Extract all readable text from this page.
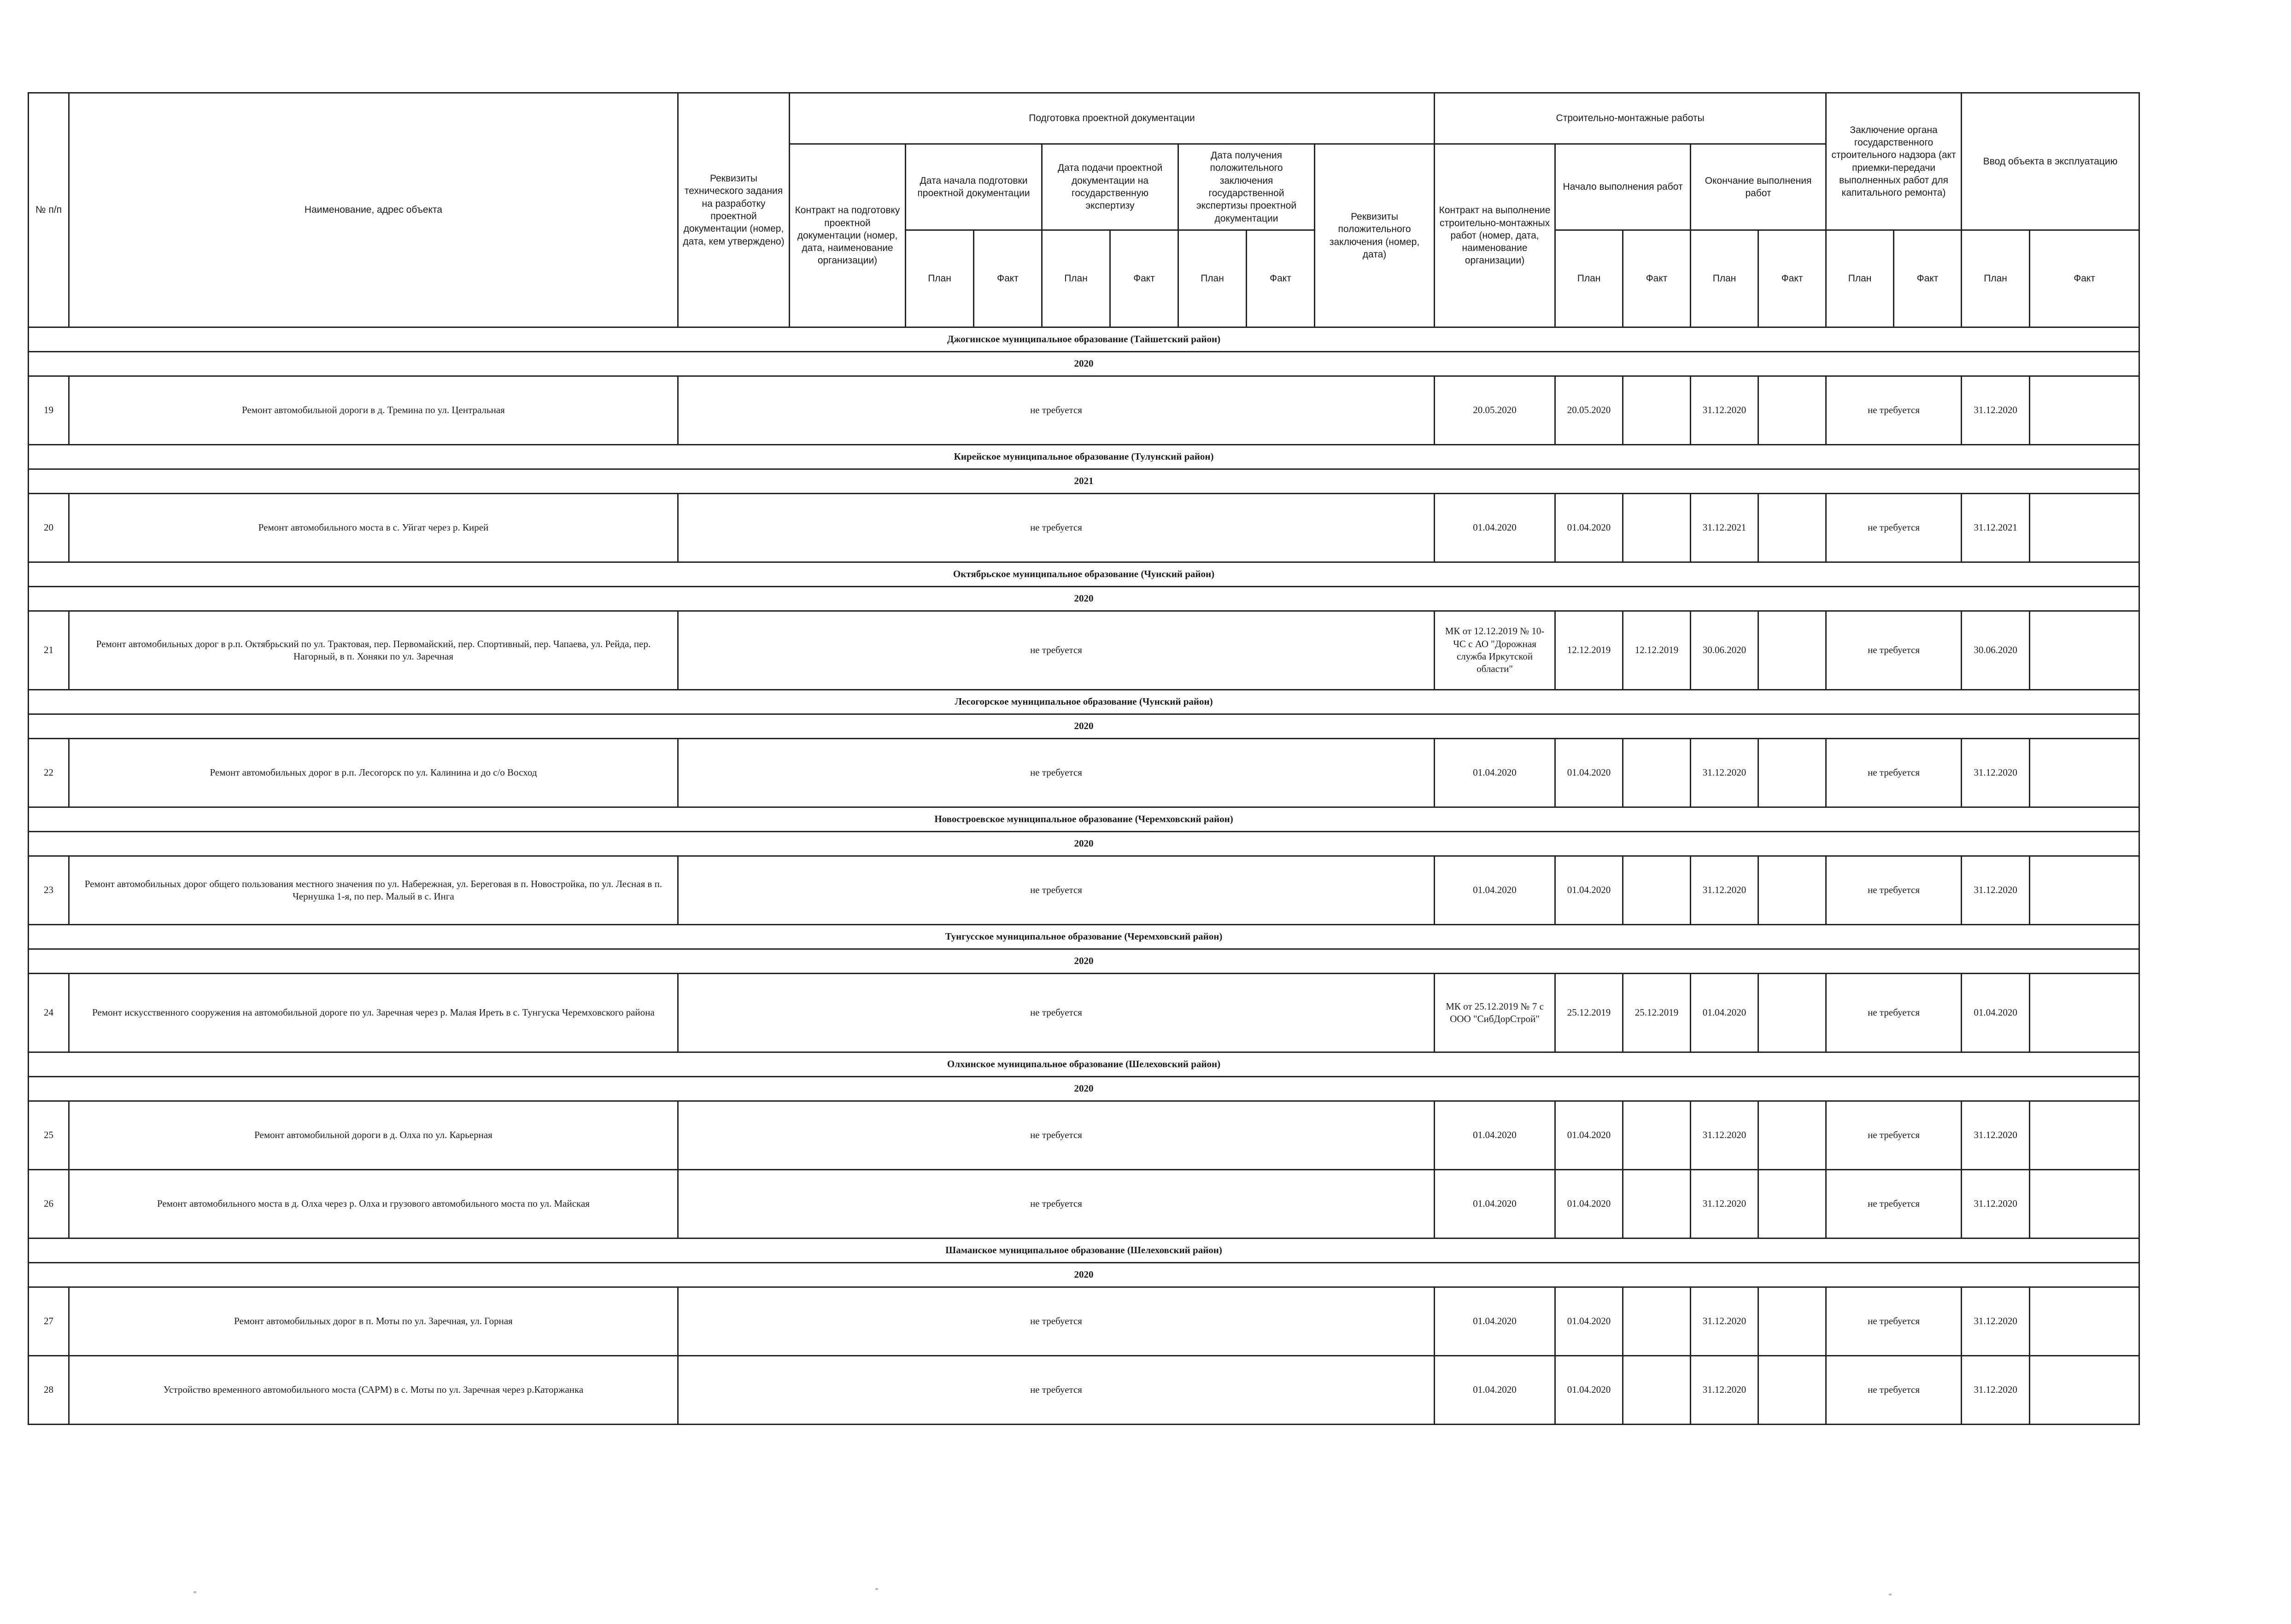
№ п/п	Наименование, адрес объекта	Реквизиты технического задания на разработку проектной документации (номер, дата, кем утверждено)	Подготовка проектной документации								Строительно-монтажные работы					Заключение органа государственного строительного надзора (акт приемки-передачи выполненных работ для капитального ремонта)		Ввод объекта в эксплуатацию	
			Контракт на подготовку проектной документации (номер, дата, наименование организации)	Дата начала подготовки проектной документации		Дата подачи проектной документации на государственную экспертизу		Дата получения положительного заключения государственной экспертизы проектной документации		Реквизиты положительного заключения (номер, дата)	Контракт на выполнение строительно-монтажных работ (номер, дата, наименование организации)	Начало выполнения работ		Окончание выполнения работ					
				План	Факт	План	Факт	План	Факт			План	Факт	План	Факт	План	Факт	План	Факт
Джогинское муниципальное образование (Тайшетский район)																			
2020																			
19	Ремонт автомобильной дороги в д. Тремина по ул. Центральная	не требуется									20.05.2020	20.05.2020		31.12.2020		не требуется		31.12.2020	
Кирейское муниципальное образование (Тулунский район)																			
2021																			
20	Ремонт автомобильного моста в с. Уйгат через р. Кирей	не требуется									01.04.2020	01.04.2020		31.12.2021		не требуется		31.12.2021	
Октябрьское муниципальное образование (Чунский район)																			
2020																			
21	Ремонт автомобильных дорог в р.п. Октябрьский по ул. Трактовая, пер. Первомайский, пер. Спортивный, пер. Чапаева, ул. Рейда, пер. Нагорный, в п. Хоняки по ул. Заречная	не требуется									МК от 12.12.2019 № 10-ЧС с АО "Дорожная служба Иркутской области"	12.12.2019	12.12.2019	30.06.2020		не требуется		30.06.2020	
Лесогорское муниципальное образование (Чунский район)																			
2020																			
22	Ремонт автомобильных дорог в р.п. Лесогорск по ул. Калинина и до с/о Восход	не требуется									01.04.2020	01.04.2020		31.12.2020		не требуется		31.12.2020	
Новостроевское муниципальное образование (Черемховский район)																			
2020																			
23	Ремонт автомобильных дорог общего пользования местного значения по ул. Набережная, ул. Береговая в п. Новостройка, по ул. Лесная в п. Чернушка 1-я, по пер. Малый в с. Инга	не требуется									01.04.2020	01.04.2020		31.12.2020		не требуется		31.12.2020	
Тунгусское муниципальное образование (Черемховский район)																			
2020																			
24	Ремонт искусственного сооружения на автомобильной дороге по ул. Заречная через р. Малая Иреть в с. Тунгуска Черемховского района	не требуется									МК от 25.12.2019 № 7 с ООО "СибДорСтрой"	25.12.2019	25.12.2019	01.04.2020		не требуется		01.04.2020	
Олхинское муниципальное образование (Шелеховский район)																			
2020																			
25	Ремонт автомобильной дороги в д. Олха по ул. Карьерная	не требуется									01.04.2020	01.04.2020		31.12.2020		не требуется		31.12.2020	
26	Ремонт автомобильного моста в д. Олха через р. Олха и грузового автомобильного моста по ул. Майская	не требуется									01.04.2020	01.04.2020		31.12.2020		не требуется		31.12.2020	
Шаманское муниципальное образование (Шелеховский район)																			
2020																			
27	Ремонт автомобильных дорог в п. Моты по ул. Заречная, ул. Горная	не требуется									01.04.2020	01.04.2020		31.12.2020		не требуется		31.12.2020	
28	Устройство временного автомобильного моста (САРМ) в с. Моты по ул. Заречная через р.Каторжанка	не требуется									01.04.2020	01.04.2020		31.12.2020		не требуется		31.12.2020	
